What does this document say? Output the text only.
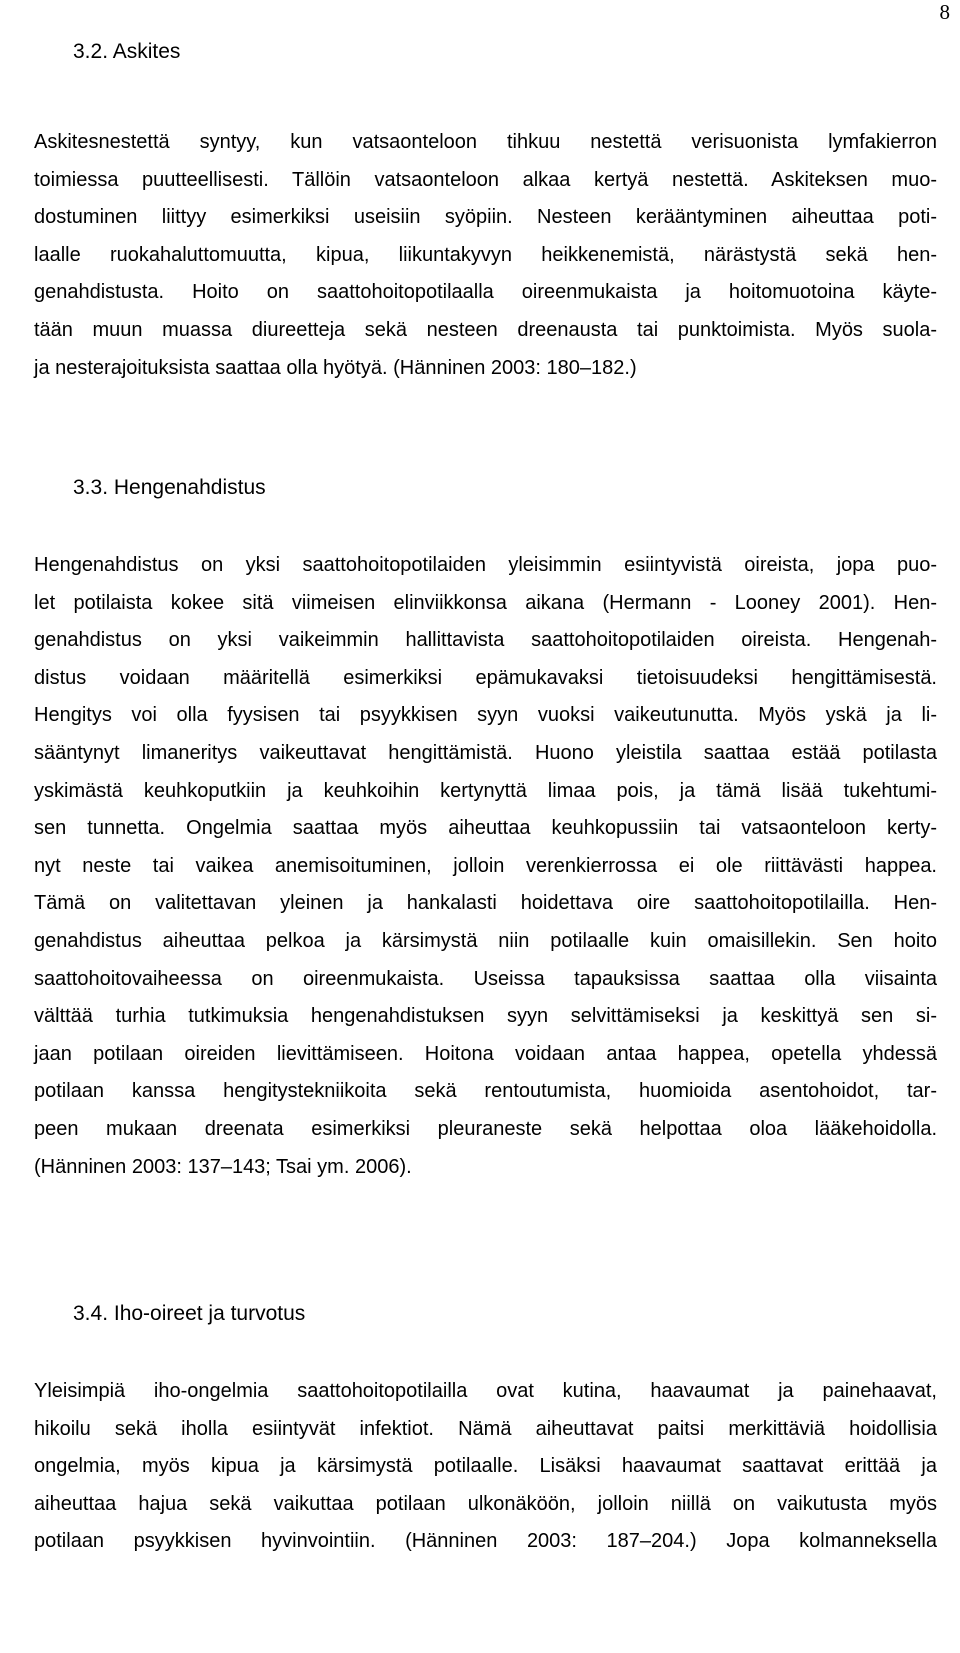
8
3.2. Askites
Askitesnestettä syntyy, kun vatsaonteloon tihkuu nestettä verisuonista lymfakierron
toimiessa puutteellisesti. Tällöin vatsaonteloon alkaa kertyä nestettä. Askiteksen muo-
dostuminen liittyy esimerkiksi useisiin syöpiin. Nesteen kerääntyminen aiheuttaa poti-
laalle ruokahaluttomuutta, kipua, liikuntakyvyn heikkenemistä, närästystä sekä hen-
genahdistusta. Hoito on saattohoitopotilaalla oireenmukaista ja hoitomuotoina käyte-
tään muun muassa diureetteja sekä nesteen dreenausta tai punktoimista. Myös suola-
ja nesterajoituksista saattaa olla hyötyä. (Hänninen 2003: 180–182.)
3.3. Hengenahdistus
Hengenahdistus on yksi saattohoitopotilaiden yleisimmin esiintyvistä oireista, jopa puo-
let potilaista kokee sitä viimeisen elinviikkonsa aikana (Hermann - Looney 2001). Hen-
genahdistus on yksi vaikeimmin hallittavista saattohoitopotilaiden oireista. Hengenah-
distus voidaan määritellä esimerkiksi epämukavaksi tietoisuudeksi hengittämisestä.
Hengitys voi olla fyysisen tai psyykkisen syyn vuoksi vaikeutunutta. Myös yskä ja li-
sääntynyt limaneritys vaikeuttavat hengittämistä. Huono yleistila saattaa estää potilasta
yskimästä keuhkoputkiin ja keuhkoihin kertynyttä limaa pois, ja tämä lisää tukehtumi-
sen tunnetta. Ongelmia saattaa myös aiheuttaa keuhkopussiin tai vatsaonteloon kerty-
nyt neste tai vaikea anemisoituminen, jolloin verenkierrossa ei ole riittävästi happea.
Tämä on valitettavan yleinen ja hankalasti hoidettava oire saattohoitopotilailla. Hen-
genahdistus aiheuttaa pelkoa ja kärsimystä niin potilaalle kuin omaisillekin. Sen hoito
saattohoitovaiheessa on oireenmukaista. Useissa tapauksissa saattaa olla viisainta
välttää turhia tutkimuksia hengenahdistuksen syyn selvittämiseksi ja keskittyä sen si-
jaan potilaan oireiden lievittämiseen. Hoitona voidaan antaa happea, opetella yhdessä
potilaan kanssa hengitystekniikoita sekä rentoutumista, huomioida asentohoidot, tar-
peen mukaan dreenata esimerkiksi pleuraneste sekä helpottaa oloa lääkehoidolla.
(Hänninen 2003: 137–143; Tsai ym. 2006).
3.4. Iho-oireet ja turvotus
Yleisimpiä iho-ongelmia saattohoitopotilailla ovat kutina, haavaumat ja painehaavat,
hikoilu sekä iholla esiintyvät infektiot. Nämä aiheuttavat paitsi merkittäviä hoidollisia
ongelmia, myös kipua ja kärsimystä potilaalle. Lisäksi haavaumat saattavat erittää ja
aiheuttaa hajua sekä vaikuttaa potilaan ulkonäköön, jolloin niillä on vaikutusta myös
potilaan psyykkisen hyvinvointiin. (Hänninen 2003: 187–204.) Jopa kolmanneksella
